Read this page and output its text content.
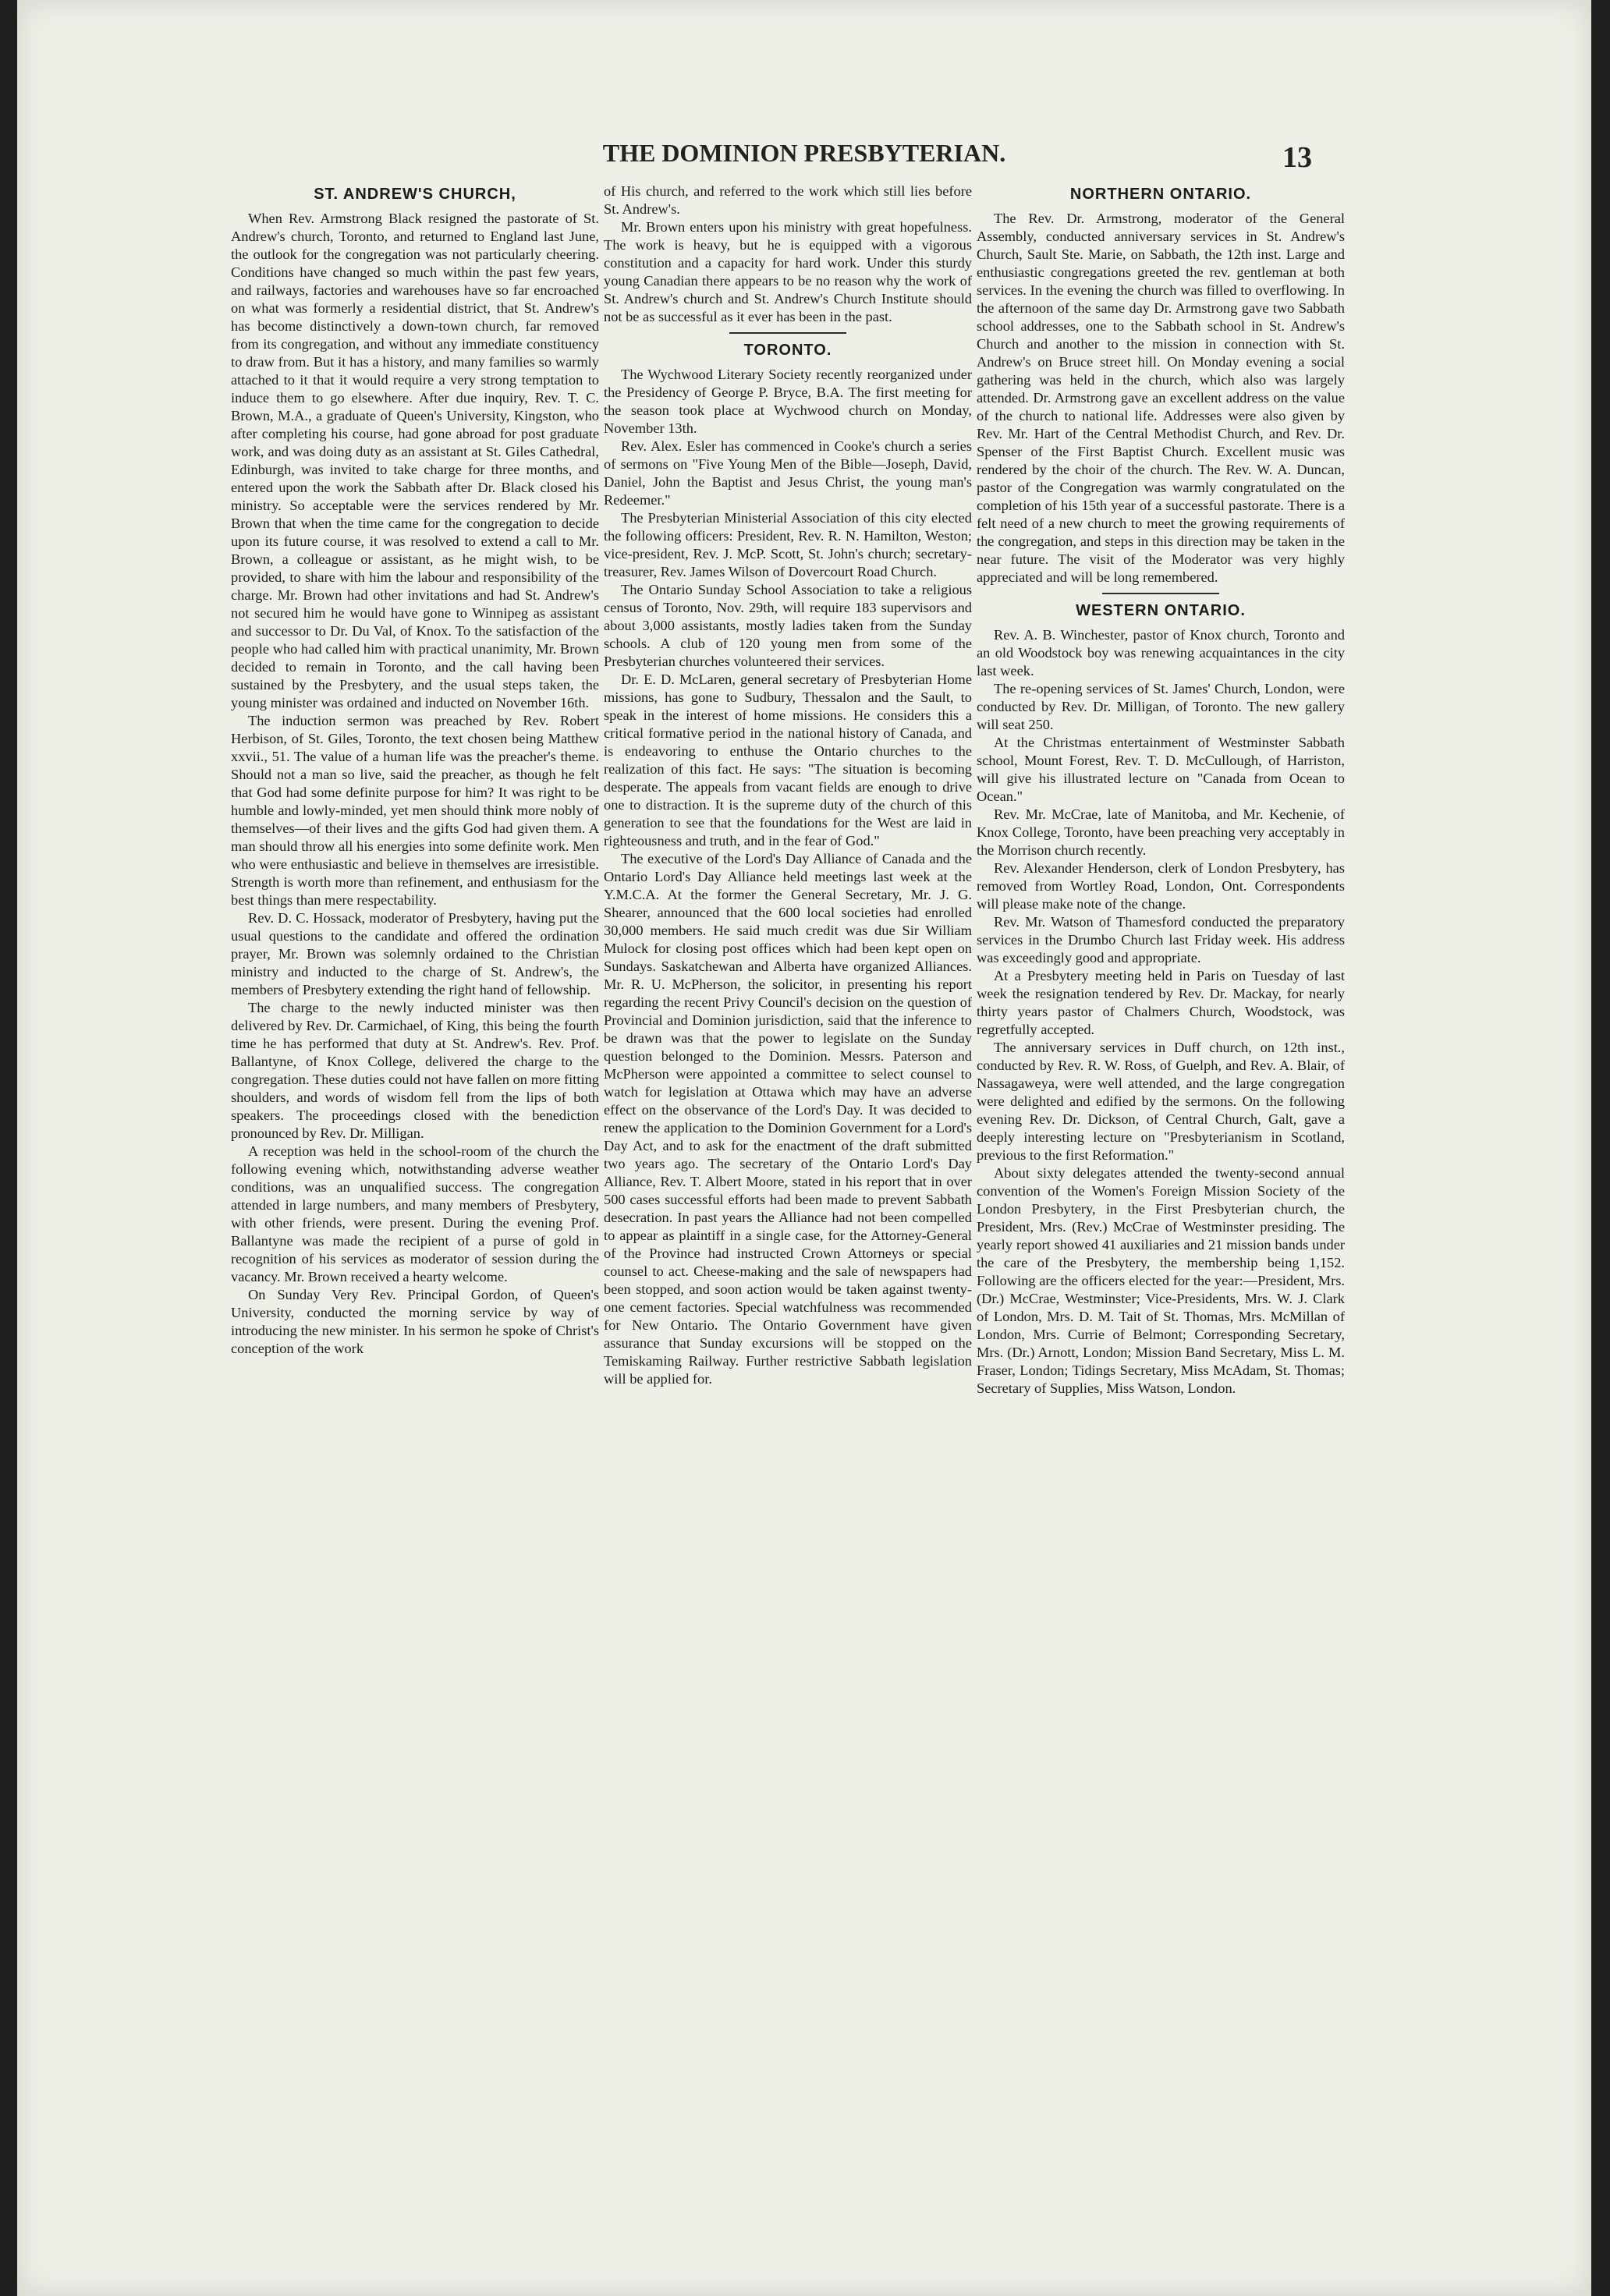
THE DOMINION PRESBYTERIAN.	13
ST. ANDREW'S CHURCH,

When Rev. Armstrong Black resigned the pastorate of St. Andrew's church, Toronto, and returned to England last June, the outlook for the congregation was not particularly cheering. Conditions have changed so much within the past few years, and railways, factories and warehouses have so far encroached on what was formerly a residential district, that St. Andrew's has become distinctively a down-town church, far removed from its congregation, and without any immediate constituency to draw from. But it has a history, and many families so warmly attached to it that it would require a very strong temptation to induce them to go elsewhere. After due inquiry, Rev. T. C. Brown, M.A., a graduate of Queen's University, Kingston, who after completing his course, had gone abroad for post graduate work, and was doing duty as an assistant at St. Giles Cathedral, Edinburgh, was invited to take charge for three months, and entered upon the work the Sabbath after Dr. Black closed his ministry. So acceptable were the services rendered by Mr. Brown that when the time came for the congregation to decide upon its future course, it was resolved to extend a call to Mr. Brown, a colleague or assistant, as he might wish, to be provided, to share with him the labour and responsibility of the charge. Mr. Brown had other invitations and had St. Andrew's not secured him he would have gone to Winnipeg as assistant and successor to Dr. Du Val, of Knox. To the satisfaction of the people who had called him with practical unanimity, Mr. Brown decided to remain in Toronto, and the call having been sustained by the Presbytery, and the usual steps taken, the young minister was ordained and inducted on November 16th.

The induction sermon was preached by Rev. Robert Herbison, of St. Giles, Toronto, the text chosen being Matthew xxvii., 51. The value of a human life was the preacher's theme. Should not a man so live, said the preacher, as though he felt that God had some definite purpose for him? It was right to be humble and lowly-minded, yet men should think more nobly of themselves—of their lives and the gifts God had given them. A man should throw all his energies into some definite work. Men who were enthusiastic and believe in themselves are irresistible. Strength is worth more than refinement, and enthusiasm for the best things than mere respectability.

Rev. D. C. Hossack, moderator of Presbytery, having put the usual questions to the candidate and offered the ordination prayer, Mr. Brown was solemnly ordained to the Christian ministry and inducted to the charge of St. Andrew's, the members of Presbytery extending the right hand of fellowship.

The charge to the newly inducted minister was then delivered by Rev. Dr. Carmichael, of King, this being the fourth time he has performed that duty at St. Andrew's. Rev. Prof. Ballantyne, of Knox College, delivered the charge to the congregation. These duties could not have fallen on more fitting shoulders, and words of wisdom fell from the lips of both speakers. The proceedings closed with the benediction pronounced by Rev. Dr. Milligan.

A reception was held in the school-room of the church the following evening which, notwithstanding adverse weather conditions, was an unqualified success. The congregation attended in large numbers, and many members of Presbytery, with other friends, were present. During the evening Prof. Ballantyne was made the recipient of a purse of gold in recognition of his services as moderator of session during the vacancy. Mr. Brown received a hearty welcome.

On Sunday Very Rev. Principal Gordon, of Queen's University, conducted the morning service by way of introducing the new minister. In his sermon he spoke of Christ's conception of the work

of His church, and referred to the work which still lies before St. Andrew's.

Mr. Brown enters upon his ministry with great hopefulness. The work is heavy, but he is equipped with a vigorous constitution and a capacity for hard work. Under this sturdy young Canadian there appears to be no reason why the work of St. Andrew's church and St. Andrew's Church Institute should not be as successful as it ever has been in the past.

TORONTO.

The Wychwood Literary Society recently reorganized under the Presidency of George P. Bryce, B.A. The first meeting for the season took place at Wychwood church on Monday, November 13th.

Rev. Alex. Esler has commenced in Cooke's church a series of sermons on "Five Young Men of the Bible—Joseph, David, Daniel, John the Baptist and Jesus Christ, the young man's Redeemer."

The Presbyterian Ministerial Association of this city elected the following officers: President, Rev. R. N. Hamilton, Weston; vice-president, Rev. J. McP. Scott, St. John's church; secretary-treasurer, Rev. James Wilson of Dovercourt Road Church.

The Ontario Sunday School Association to take a religious census of Toronto, Nov. 29th, will require 183 supervisors and about 3,000 assistants, mostly ladies taken from the Sunday schools. A club of 120 young men from some of the Presbyterian churches volunteered their services.

Dr. E. D. McLaren, general secretary of Presbyterian Home missions, has gone to Sudbury, Thessalon and the Sault, to speak in the interest of home missions. He considers this a critical formative period in the national history of Canada, and is endeavoring to enthuse the Ontario churches to the realization of this fact. He says: "The situation is becoming desperate. The appeals from vacant fields are enough to drive one to distraction. It is the supreme duty of the church of this generation to see that the foundations for the West are laid in righteousness and truth, and in the fear of God."

The executive of the Lord's Day Alliance of Canada and the Ontario Lord's Day Alliance held meetings last week at the Y.M.C.A. At the former the General Secretary, Mr. J. G. Shearer, announced that the 600 local societies had enrolled 30,000 members. He said much credit was due Sir William Mulock for closing post offices which had been kept open on Sundays. Saskatchewan and Alberta have organized Alliances. Mr. R. U. McPherson, the solicitor, in presenting his report regarding the recent Privy Council's decision on the question of Provincial and Dominion jurisdiction, said that the inference to be drawn was that the power to legislate on the Sunday question belonged to the Dominion. Messrs. Paterson and McPherson were appointed a committee to select counsel to watch for legislation at Ottawa which may have an adverse effect on the observance of the Lord's Day. It was decided to renew the application to the Dominion Government for a Lord's Day Act, and to ask for the enactment of the draft submitted two years ago. The secretary of the Ontario Lord's Day Alliance, Rev. T. Albert Moore, stated in his report that in over 500 cases successful efforts had been made to prevent Sabbath desecration. In past years the Alliance had not been compelled to appear as plaintiff in a single case, for the Attorney-General of the Province had instructed Crown Attorneys or special counsel to act. Cheese-making and the sale of newspapers had been stopped, and soon action would be taken against twenty-one cement factories. Special watchfulness was recommended for New Ontario. The Ontario Government have given assurance that Sunday excursions will be stopped on the Temiskaming Railway. Further restrictive Sabbath legislation will be applied for.

NORTHERN ONTARIO.

The Rev. Dr. Armstrong, moderator of the General Assembly, conducted anniversary services in St. Andrew's Church, Sault Ste. Marie, on Sabbath, the 12th inst. Large and enthusiastic congregations greeted the rev. gentleman at both services. In the evening the church was filled to overflowing. In the afternoon of the same day Dr. Armstrong gave two Sabbath school addresses, one to the Sabbath school in St. Andrew's Church and another to the mission in connection with St. Andrew's on Bruce street hill. On Monday evening a social gathering was held in the church, which also was largely attended. Dr. Armstrong gave an excellent address on the value of the church to national life. Addresses were also given by Rev. Mr. Hart of the Central Methodist Church, and Rev. Dr. Spenser of the First Baptist Church. Excellent music was rendered by the choir of the church. The Rev. W. A. Duncan, pastor of the Congregation was warmly congratulated on the completion of his 15th year of a successful pastorate. There is a felt need of a new church to meet the growing requirements of the congregation, and steps in this direction may be taken in the near future. The visit of the Moderator was very highly appreciated and will be long remembered.

WESTERN ONTARIO.

Rev. A. B. Winchester, pastor of Knox church, Toronto and an old Woodstock boy was renewing acquaintances in the city last week.

The re-opening services of St. James' Church, London, were conducted by Rev. Dr. Milligan, of Toronto. The new gallery will seat 250.

At the Christmas entertainment of Westminster Sabbath school, Mount Forest, Rev. T. D. McCullough, of Harriston, will give his illustrated lecture on "Canada from Ocean to Ocean."

Rev. Mr. McCrae, late of Manitoba, and Mr. Kechenie, of Knox College, Toronto, have been preaching very acceptably in the Morrison church recently.

Rev. Alexander Henderson, clerk of London Presbytery, has removed from Wortley Road, London, Ont. Correspondents will please make note of the change.

Rev. Mr. Watson of Thamesford conducted the preparatory services in the Drumbo Church last Friday week. His address was exceedingly good and appropriate.

At a Presbytery meeting held in Paris on Tuesday of last week the resignation tendered by Rev. Dr. Mackay, for nearly thirty years pastor of Chalmers Church, Woodstock, was regretfully accepted.

The anniversary services in Duff church, on 12th inst., conducted by Rev. R. W. Ross, of Guelph, and Rev. A. Blair, of Nassagaweya, were well attended, and the large congregation were delighted and edified by the sermons. On the following evening Rev. Dr. Dickson, of Central Church, Galt, gave a deeply interesting lecture on "Presbyterianism in Scotland, previous to the first Reformation."

About sixty delegates attended the twenty-second annual convention of the Women's Foreign Mission Society of the London Presbytery, in the First Presbyterian church, the President, Mrs. (Rev.) McCrae of Westminster presiding. The yearly report showed 41 auxiliaries and 21 mission bands under the care of the Presbytery, the membership being 1,152. Following are the officers elected for the year:—President, Mrs. (Dr.) McCrae, Westminster; Vice-Presidents, Mrs. W. J. Clark of London, Mrs. D. M. Tait of St. Thomas, Mrs. McMillan of London, Mrs. Currie of Belmont; Corresponding Secretary, Mrs. (Dr.) Arnott, London; Mission Band Secretary, Miss L. M. Fraser, London; Tidings Secretary, Miss McAdam, St. Thomas; Secretary of Supplies, Miss Watson, London.
